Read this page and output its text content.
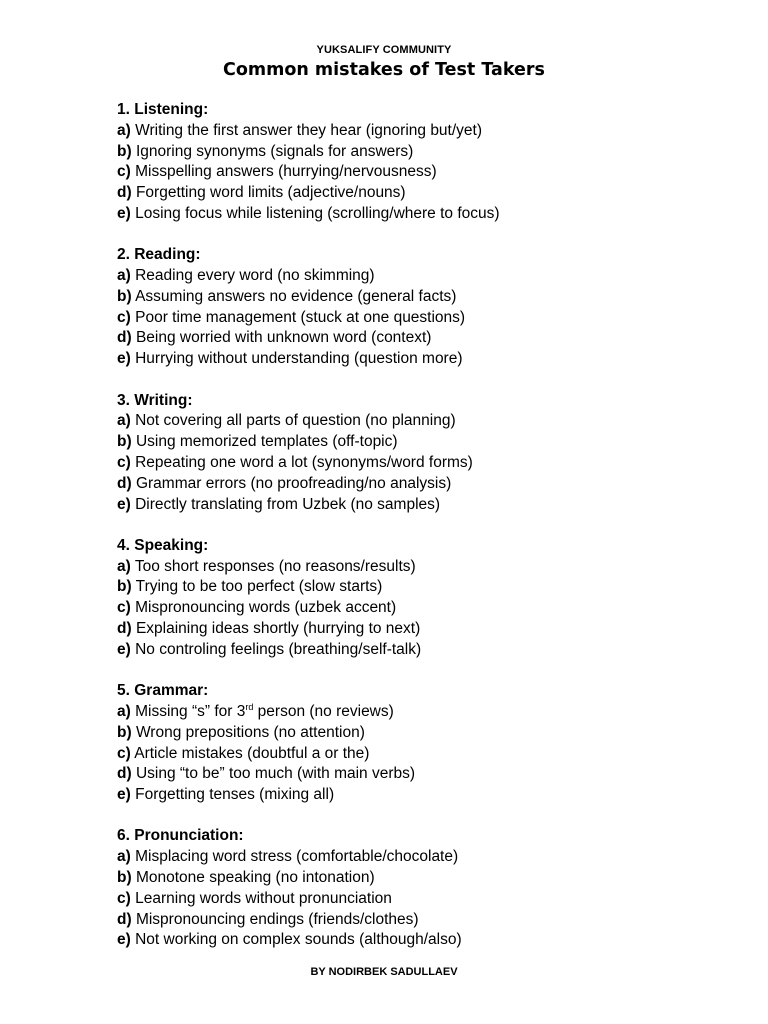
YUKSALIFY COMMUNITY
Common mistakes of Test Takers
1. Listening:
a) Writing the first answer they hear (ignoring but/yet)
b) Ignoring synonyms (signals for answers)
c) Misspelling answers (hurrying/nervousness)
d) Forgetting word limits (adjective/nouns)
e) Losing focus while listening (scrolling/where to focus)
2. Reading:
a) Reading every word (no skimming)
b) Assuming answers no evidence (general facts)
c) Poor time management (stuck at one questions)
d) Being worried with unknown word (context)
e) Hurrying without understanding (question more)
3. Writing:
a) Not covering all parts of question (no planning)
b) Using memorized templates (off-topic)
c) Repeating one word a lot (synonyms/word forms)
d) Grammar errors (no proofreading/no analysis)
e) Directly translating from Uzbek (no samples)
4. Speaking:
a) Too short responses (no reasons/results)
b) Trying to be too perfect (slow starts)
c) Mispronouncing words (uzbek accent)
d) Explaining ideas shortly (hurrying to next)
e) No controling feelings (breathing/self-talk)
5. Grammar:
a) Missing “s” for 3rd person (no reviews)
b) Wrong prepositions (no attention)
c) Article mistakes (doubtful a or the)
d) Using “to be” too much (with main verbs)
e) Forgetting tenses (mixing all)
6. Pronunciation:
a) Misplacing word stress (comfortable/chocolate)
b) Monotone speaking (no intonation)
c) Learning words without pronunciation
d) Mispronouncing endings (friends/clothes)
e) Not working on complex sounds (although/also)
BY NODIRBEK SADULLAEV
